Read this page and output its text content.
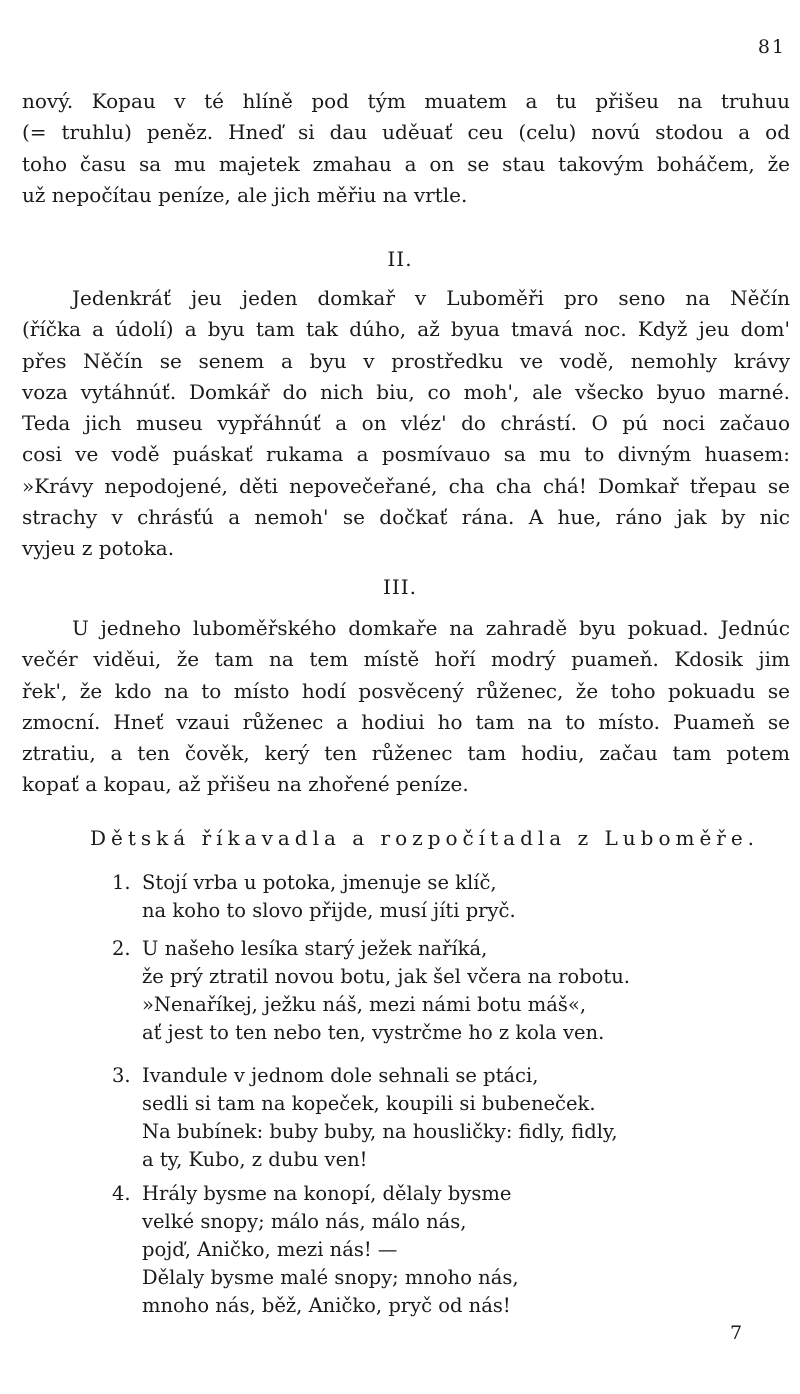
81
nový. Kopau v té hlíně pod tým muatem a tu přišeu na truhuu
(= truhlu) peněz. Hneď si dau uděuať ceu (celu) novú stodou a od
toho času sa mu majetek zmahau a on se stau takovým boháčem, že
už nepočítau peníze, ale jich měřiu na vrtle.
II.
Jedenkráť jeu jeden domkař v Luboměři pro seno na Něčín
(říčka a údolí) a byu tam tak dúho, až byua tmavá noc. Když jeu dom'
přes Něčín se senem a byu v prostředku ve vodě, nemohly krávy
voza vytáhnúť. Domkář do nich biu, co moh', ale všecko byuo marné.
Teda jich museu vypřáhnúť a on vléz' do chrástí. O pú noci začauo
cosi ve vodě puáskať rukama a posmívauo sa mu to divným huasem:
»Krávy nepodojené, děti nepovečeřané, cha cha chá! Domkař třepau se
strachy v chrásťú a nemoh' se dočkať rána. A hue, ráno jak by nic
vyjeu z potoka.
III.
U jedneho luboměřského domkaře na zahradě byu pokuad. Jednúc
večér viděui, že tam na tem místě hoří modrý puameň. Kdosik jim
řek', že kdo na to místo hodí posvěcený růženec, že toho pokuadu se
zmocní. Hneť vzaui růženec a hodiui ho tam na to místo. Puameň se
ztratiu, a ten čověk, kerý ten růženec tam hodiu, začau tam potem
kopať a kopau, až přišeu na zhořené peníze.
Dětská říkavadla a rozpočítadla z Luboměře.
1. Stojí vrba u potoka, jmenuje se klíč,
na koho to slovo přijde, musí jíti pryč.
2. U našeho lesíka starý ježek naříká,
že prý ztratil novou botu, jak šel včera na robotu.
»Nenaříkej, ježku náš, mezi námi botu máš«,
ať jest to ten nebo ten, vystrčme ho z kola ven.
3. Ivandule v jednom dole sehnali se ptáci,
sedli si tam na kopeček, koupili si bubeneček.
Na bubínek: buby buby, na housličky: fidly, fidly,
a ty, Kubo, z dubu ven!
4. Hrály bysme na konopí, dělaly bysme
velké snopy; málo nás, málo nás,
pojď, Aničko, mezi nás! —
Dělaly bysme malé snopy; mnoho nás,
mnoho nás, běž, Aničko, pryč od nás!
7
